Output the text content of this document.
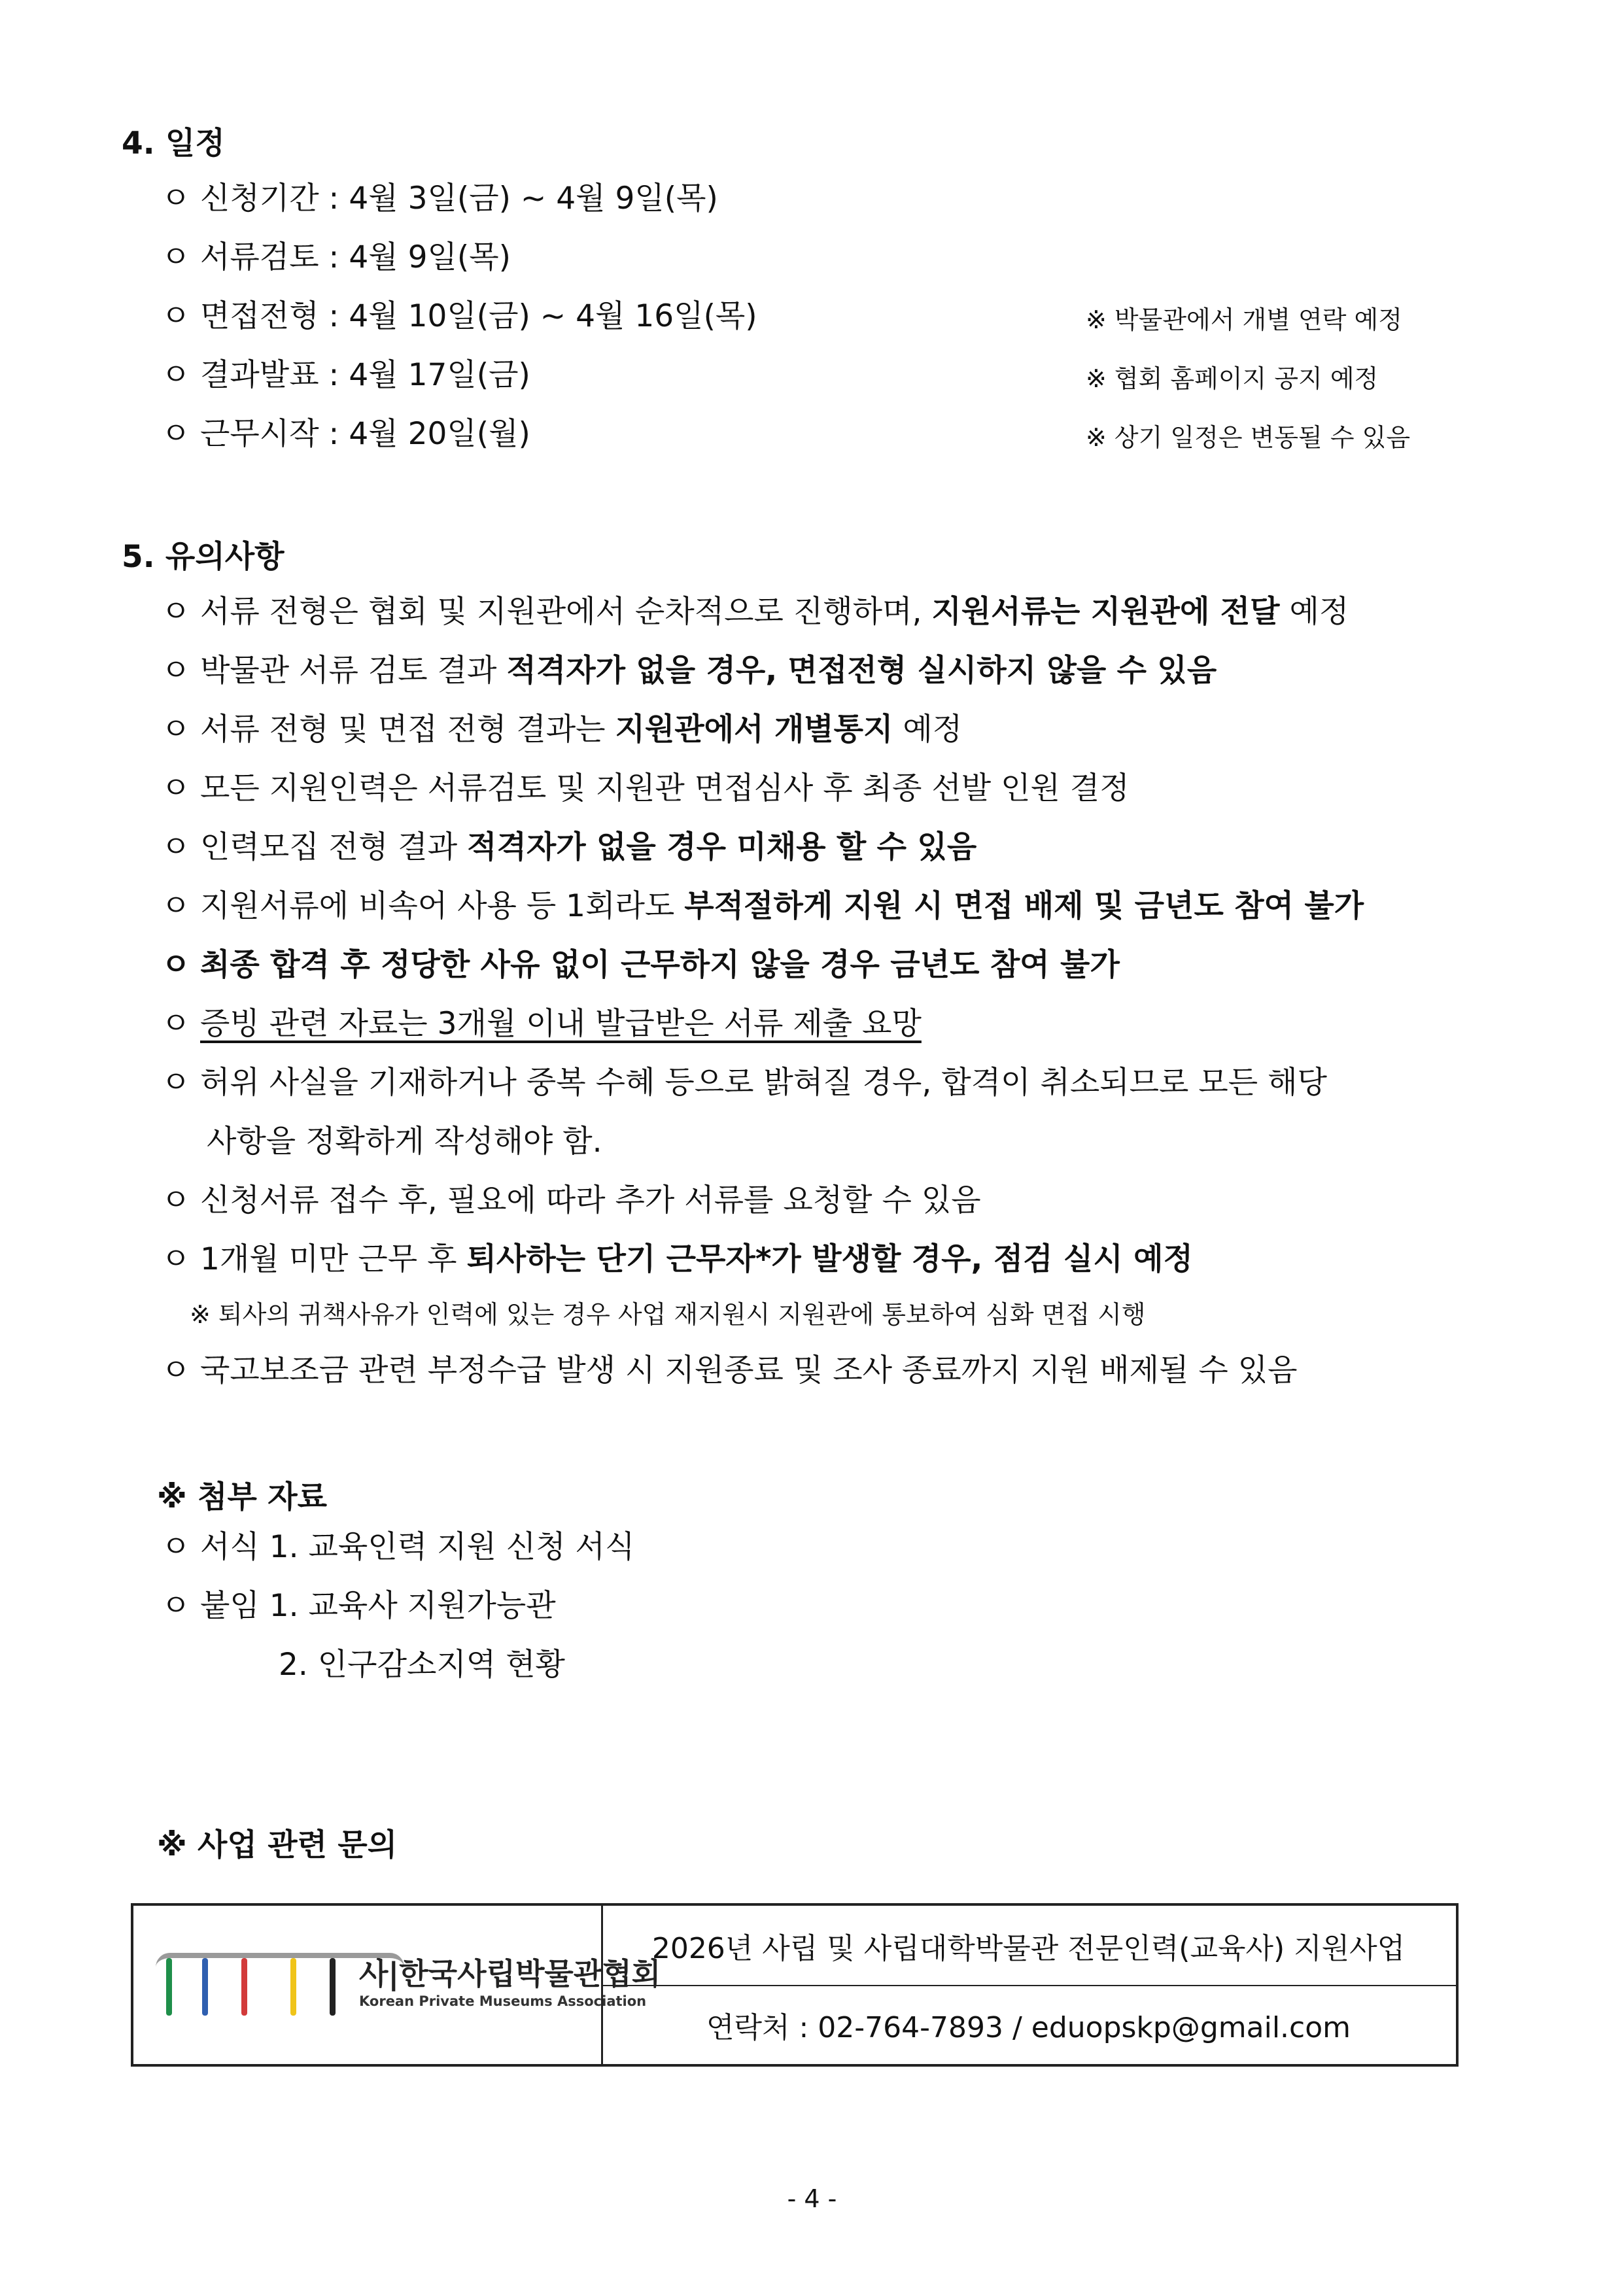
4. 일정
ㅇ 신청기간 : 4월 3일(금) ~ 4월 9일(목)
ㅇ 서류검토 : 4월 9일(목)
ㅇ 면접전형 : 4월 10일(금) ~ 4월 16일(목)	※ 박물관에서 개별 연락 예정
ㅇ 결과발표 : 4월 17일(금)	※ 협회 홈페이지 공지 예정
ㅇ 근무시작 : 4월 20일(월)	※ 상기 일정은 변동될 수 있음
5. 유의사항
ㅇ 서류 전형은 협회 및 지원관에서 순차적으로 진행하며, 지원서류는 지원관에 전달 예정
ㅇ 박물관 서류 검토 결과 적격자가 없을 경우, 면접전형 실시하지 않을 수 있음
ㅇ 서류 전형 및 면접 전형 결과는 지원관에서 개별통지 예정
ㅇ 모든 지원인력은 서류검토 및 지원관 면접심사 후 최종 선발 인원 결정
ㅇ 인력모집 전형 결과 적격자가 없을 경우 미채용 할 수 있음
ㅇ 지원서류에 비속어 사용 등 1회라도 부적절하게 지원 시 면접 배제 및 금년도 참여 불가
ㅇ 최종 합격 후 정당한 사유 없이 근무하지 않을 경우 금년도 참여 불가
ㅇ 증빙 관련 자료는 3개월 이내 발급받은 서류 제출 요망
ㅇ 허위 사실을 기재하거나 중복 수혜 등으로 밝혀질 경우, 합격이 취소되므로 모든 해당
사항을 정확하게 작성해야 함.
ㅇ 신청서류 접수 후, 필요에 따라 추가 서류를 요청할 수 있음
ㅇ 1개월 미만 근무 후 퇴사하는 단기 근무자*가 발생할 경우, 점검 실시 예정
※ 퇴사의 귀책사유가 인력에 있는 경우 사업 재지원시 지원관에 통보하여 심화 면접 시행
ㅇ 국고보조금 관련 부정수급 발생 시 지원종료 및 조사 종료까지 지원 배제될 수 있음
※ 첨부 자료
ㅇ 서식 1. 교육인력 지원 신청 서식
ㅇ 붙임 1. 교육사 지원가능관
2. 인구감소지역 현황
※ 사업 관련 문의
사|한국사립박물관협회
Korean Private Museums Association
2026년 사립 및 사립대학박물관 전문인력(교육사) 지원사업
연락처 : 02-764-7893 / eduopskp@gmail.com
- 4 -
